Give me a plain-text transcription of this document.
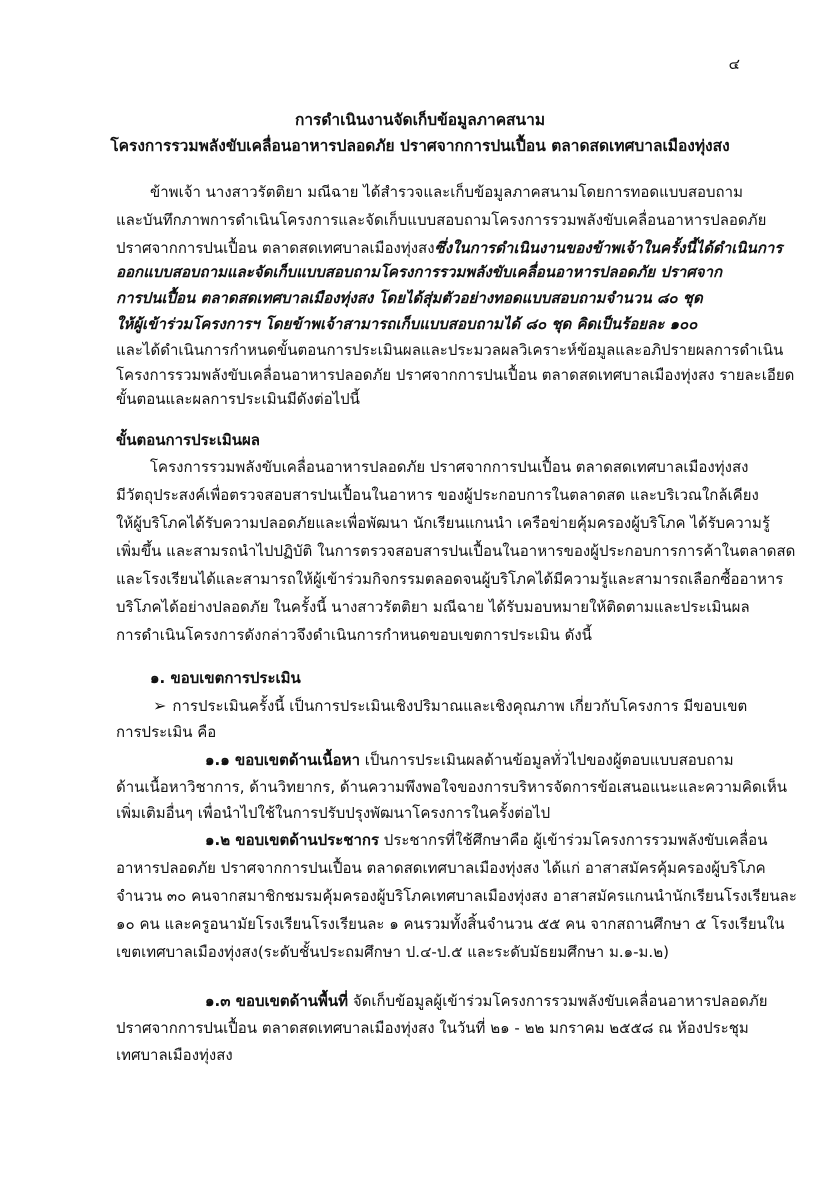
๔
การดำเนินงานจัดเก็บข้อมูลภาคสนาม
โครงการรวมพลังขับเคลื่อนอาหารปลอดภัย ปราศจากการปนเปื้อน ตลาดสดเทศบาลเมืองทุ่งสง
ข้าพเจ้า นางสาวรัตติยา มณีฉาย ได้สำรวจและเก็บข้อมูลภาคสนามโดยการทอดแบบสอบถาม
และบันทึกภาพการดำเนินโครงการและจัดเก็บแบบสอบถามโครงการรวมพลังขับเคลื่อนอาหารปลอดภัย
ปราศจากการปนเปื้อน ตลาดสดเทศบาลเมืองทุ่งสงซึ่งในการดำเนินงานของข้าพเจ้าในครั้งนี้ได้ดำเนินการ
ออกแบบสอบถามและจัดเก็บแบบสอบถามโครงการรวมพลังขับเคลื่อนอาหารปลอดภัย ปราศจาก
การปนเปื้อน ตลาดสดเทศบาลเมืองทุ่งสง โดยได้สุ่มตัวอย่างทอดแบบสอบถามจำนวน ๘๐ ชุด
ให้ผู้เข้าร่วมโครงการฯ โดยข้าพเจ้าสามารถเก็บแบบสอบถามได้ ๘๐ ชุด คิดเป็นร้อยละ ๑๐๐
และได้ดำเนินการกำหนดขั้นตอนการประเมินผลและประมวลผลวิเคราะห์ข้อมูลและอภิปรายผลการดำเนิน
โครงการรวมพลังขับเคลื่อนอาหารปลอดภัย ปราศจากการปนเปื้อน ตลาดสดเทศบาลเมืองทุ่งสง รายละเอียด
ขั้นตอนและผลการประเมินมีดังต่อไปนี้
ขั้นตอนการประเมินผล
โครงการรวมพลังขับเคลื่อนอาหารปลอดภัย ปราศจากการปนเปื้อน ตลาดสดเทศบาลเมืองทุ่งสง
มีวัตถุประสงค์เพื่อตรวจสอบสารปนเปื้อนในอาหาร ของผู้ประกอบการในตลาดสด และบริเวณใกล้เคียง
ให้ผู้บริโภคได้รับความปลอดภัยและเพื่อพัฒนา นักเรียนแกนนำ เครือข่ายคุ้มครองผู้บริโภค ได้รับความรู้
เพิ่มขึ้น และสามรถนำไปปฏิบัติ ในการตรวจสอบสารปนเปื้อนในอาหารของผู้ประกอบการการค้าในตลาดสด
และโรงเรียนได้และสามารถให้ผู้เข้าร่วมกิจกรรมตลอดจนผู้บริโภคได้มีความรู้และสามารถเลือกซื้ออาหาร
บริโภคได้อย่างปลอดภัย ในครั้งนี้ นางสาวรัตติยา มณีฉาย ได้รับมอบหมายให้ติดตามและประเมินผล
การดำเนินโครงการดังกล่าวจึงดำเนินการกำหนดขอบเขตการประเมิน ดังนี้
๑. ขอบเขตการประเมิน
➢ การประเมินครั้งนี้ เป็นการประเมินเชิงปริมาณและเชิงคุณภาพ เกี่ยวกับโครงการ มีขอบเขต
การประเมิน คือ
๑.๑ ขอบเขตด้านเนื้อหา เป็นการประเมินผลด้านข้อมูลทั่วไปของผู้ตอบแบบสอบถาม
ด้านเนื้อหาวิชาการ, ด้านวิทยากร, ด้านความพึงพอใจของการบริหารจัดการข้อเสนอแนะและความคิดเห็น
เพิ่มเติมอื่นๆ เพื่อนำไปใช้ในการปรับปรุงพัฒนาโครงการในครั้งต่อไป
๑.๒ ขอบเขตด้านประชากร ประชากรที่ใช้ศึกษาคือ ผู้เข้าร่วมโครงการรวมพลังขับเคลื่อน
อาหารปลอดภัย ปราศจากการปนเปื้อน ตลาดสดเทศบาลเมืองทุ่งสง ได้แก่ อาสาสมัครคุ้มครองผู้บริโภค
จำนวน ๓๐ คนจากสมาชิกชมรมคุ้มครองผู้บริโภคเทศบาลเมืองทุ่งสง อาสาสมัครแกนนำนักเรียนโรงเรียนละ
๑๐ คน และครูอนามัยโรงเรียนโรงเรียนละ ๑ คนรวมทั้งสิ้นจำนวน ๕๕ คน จากสถานศึกษา ๕ โรงเรียนใน
เขตเทศบาลเมืองทุ่งสง(ระดับชั้นประถมศึกษา ป.๔-ป.๕ และระดับมัธยมศึกษา ม.๑-ม.๒)
๑.๓ ขอบเขตด้านพื้นที่ จัดเก็บข้อมูลผู้เข้าร่วมโครงการรวมพลังขับเคลื่อนอาหารปลอดภัย
ปราศจากการปนเปื้อน ตลาดสดเทศบาลเมืองทุ่งสง ในวันที่ ๒๑ - ๒๒ มกราคม ๒๕๕๘ ณ ห้องประชุม
เทศบาลเมืองทุ่งสง
